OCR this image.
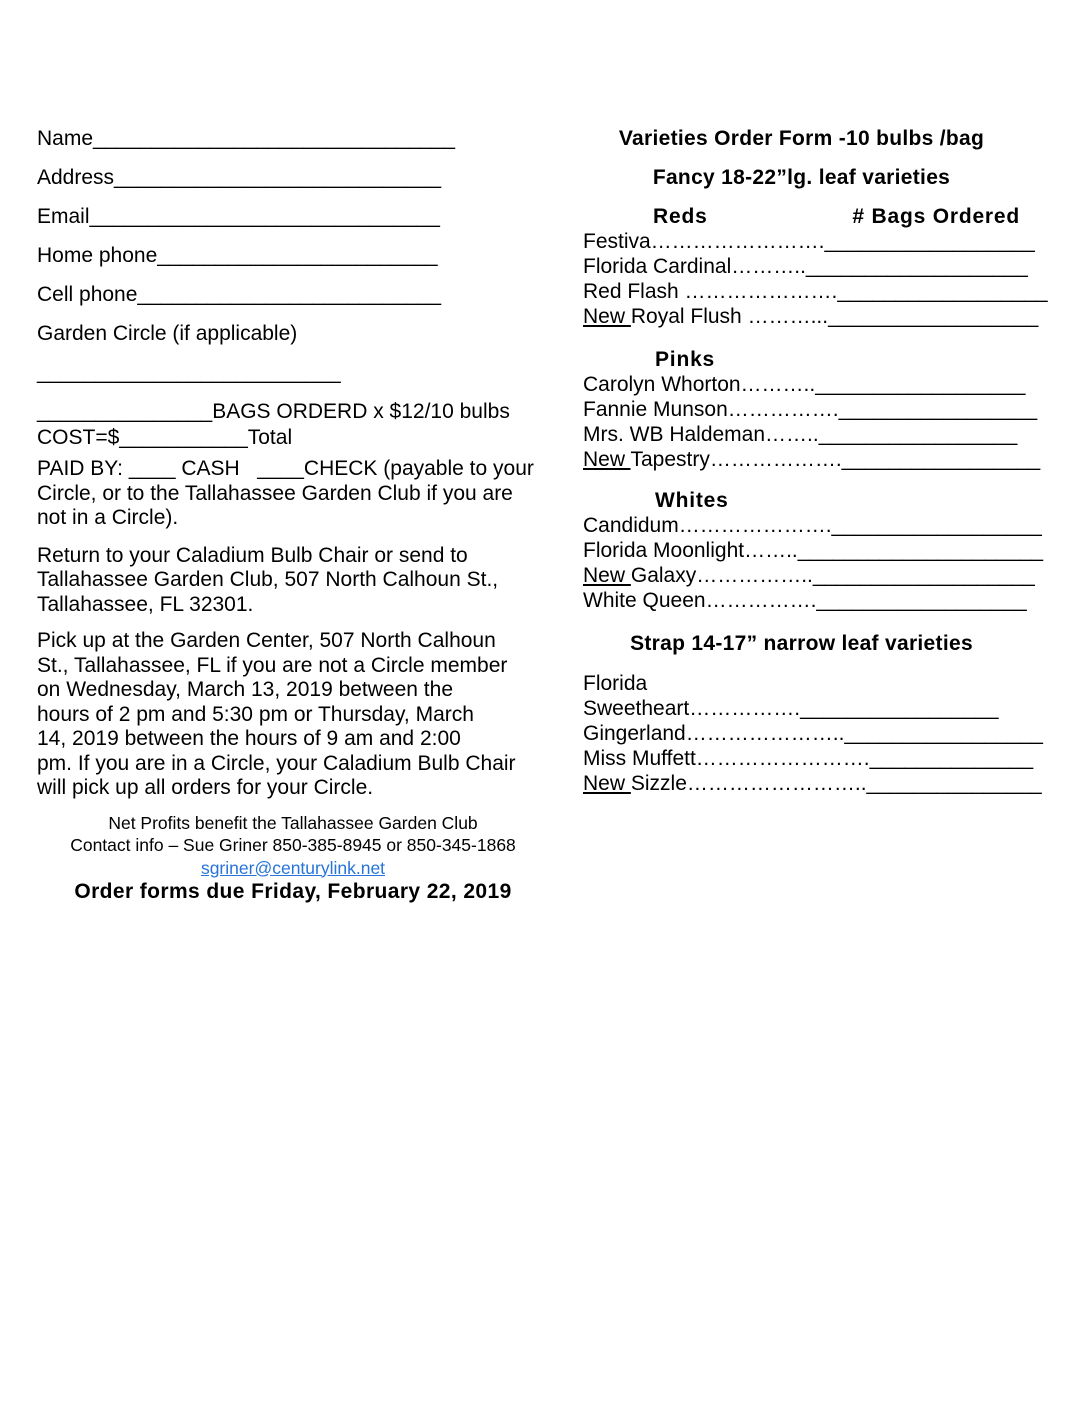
Name_______________________________
Address____________________________
Email______________________________
Home phone________________________
Cell phone__________________________
Garden Circle (if applicable)
__________________________
_______________BAGS ORDERD x $12/10 bulbs
COST=$___________Total
PAID BY: ____ CASH   ____CHECK (payable to your
Circle, or to the Tallahassee Garden Club if you are
not in a Circle).
Return to your Caladium Bulb Chair or send to
Tallahassee Garden Club, 507 North Calhoun St.,
Tallahassee, FL 32301.
Pick up at the Garden Center, 507 North Calhoun
St., Tallahassee, FL if you are not a Circle member
on Wednesday, March 13, 2019 between the
hours of 2 pm and 5:30 pm or Thursday, March
14, 2019 between the hours of 9 am and 2:00
pm. If you are in a Circle, your Caladium Bulb Chair
will pick up all orders for your Circle.
Net Profits benefit the Tallahassee Garden Club
Contact info – Sue Griner 850-385-8945 or 850-345-1868
sgriner@centurylink.net
Order forms due Friday, February 22, 2019
Varieties Order Form -10 bulbs /bag
Fancy 18-22”lg. leaf varieties
Reds	# Bags Ordered
Festiva…………………….__________________
Florida Cardinal………..___________________
Red Flash ………………….__________________
New Royal Flush ………...__________________
Pinks
Carolyn Whorton………..__________________
Fannie Munson……………._________________
Mrs. WB Haldeman…….._________________
New Tapestry………………._________________
Whites
Candidum………………….__________________
Florida Moonlight…….._____________________
New Galaxy……………..___________________
White Queen…………….__________________
Strap 14-17” narrow leaf varieties
Florida
Sweetheart……………._________________
Gingerland………………….._________________
Miss Muffett…………………….______________
New Sizzle…………………….._______________
